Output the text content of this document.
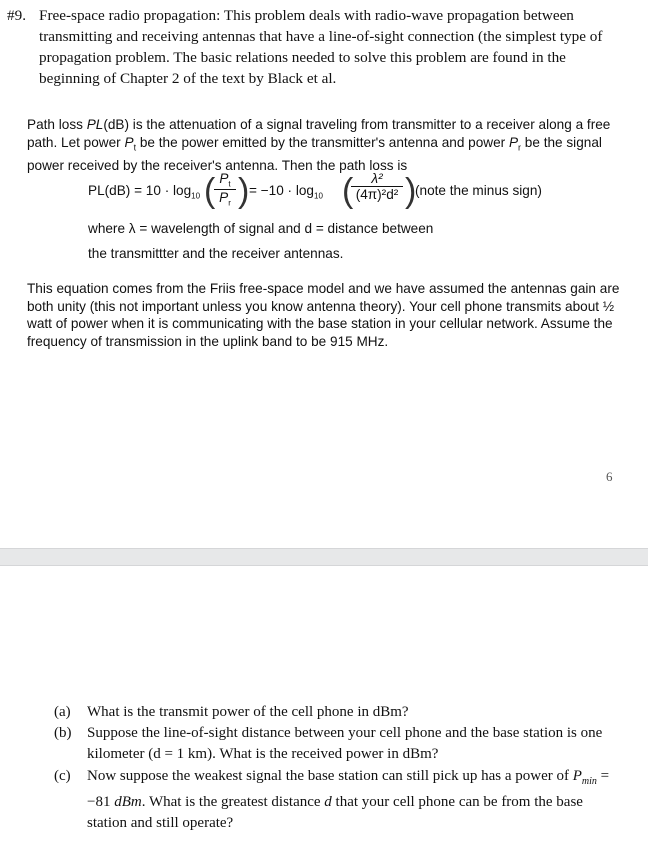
#9. Free-space radio propagation: This problem deals with radio-wave propagation between transmitting and receiving antennas that have a line-of-sight connection (the simplest type of propagation problem. The basic relations needed to solve this problem are found in the beginning of Chapter 2 of the text by Black et al.

Path loss PL(dB) is the attenuation of a signal traveling from transmitter to a receiver along a free path. Let power $P_t$ be the power emitted by the transmitter's antenna and power $P_r$ be the signal power received by the receiver's antenna. Then the path loss is
$PL(dB) = 10 \cdot \log_{10}$ (
$\frac{P_t}{P_r}$ ) = $-10 \cdot \log_{10}$ (
$\frac{\text{λ²}}{\text{(4π)²d²}}$ )
(note the minus sign)
where λ = wavelength of signal and d = distance between
the transmittter and the receiver antennas.
This equation comes from the Friis free-space model and we have assumed the antennas gain are both unity (this not important unless you know antenna theory). Your cell phone transmits about ½ watt of power when it is communicating with the base station in your cellular network. Assume the frequency of transmission in the uplink band to be 915 MHz.
6
(a) What is the transmit power of the cell phone in dBm?
(b) Suppose the line-of-sight distance between your cell phone and the base station is one kilometer (d = 1 km). What is the received power in dBm?
(c) Now suppose the weakest signal the base station can still pick up has a power of $P_{min} = -81$ dBm. What is the greatest distance d that your cell phone can be from the base station and still operate?
